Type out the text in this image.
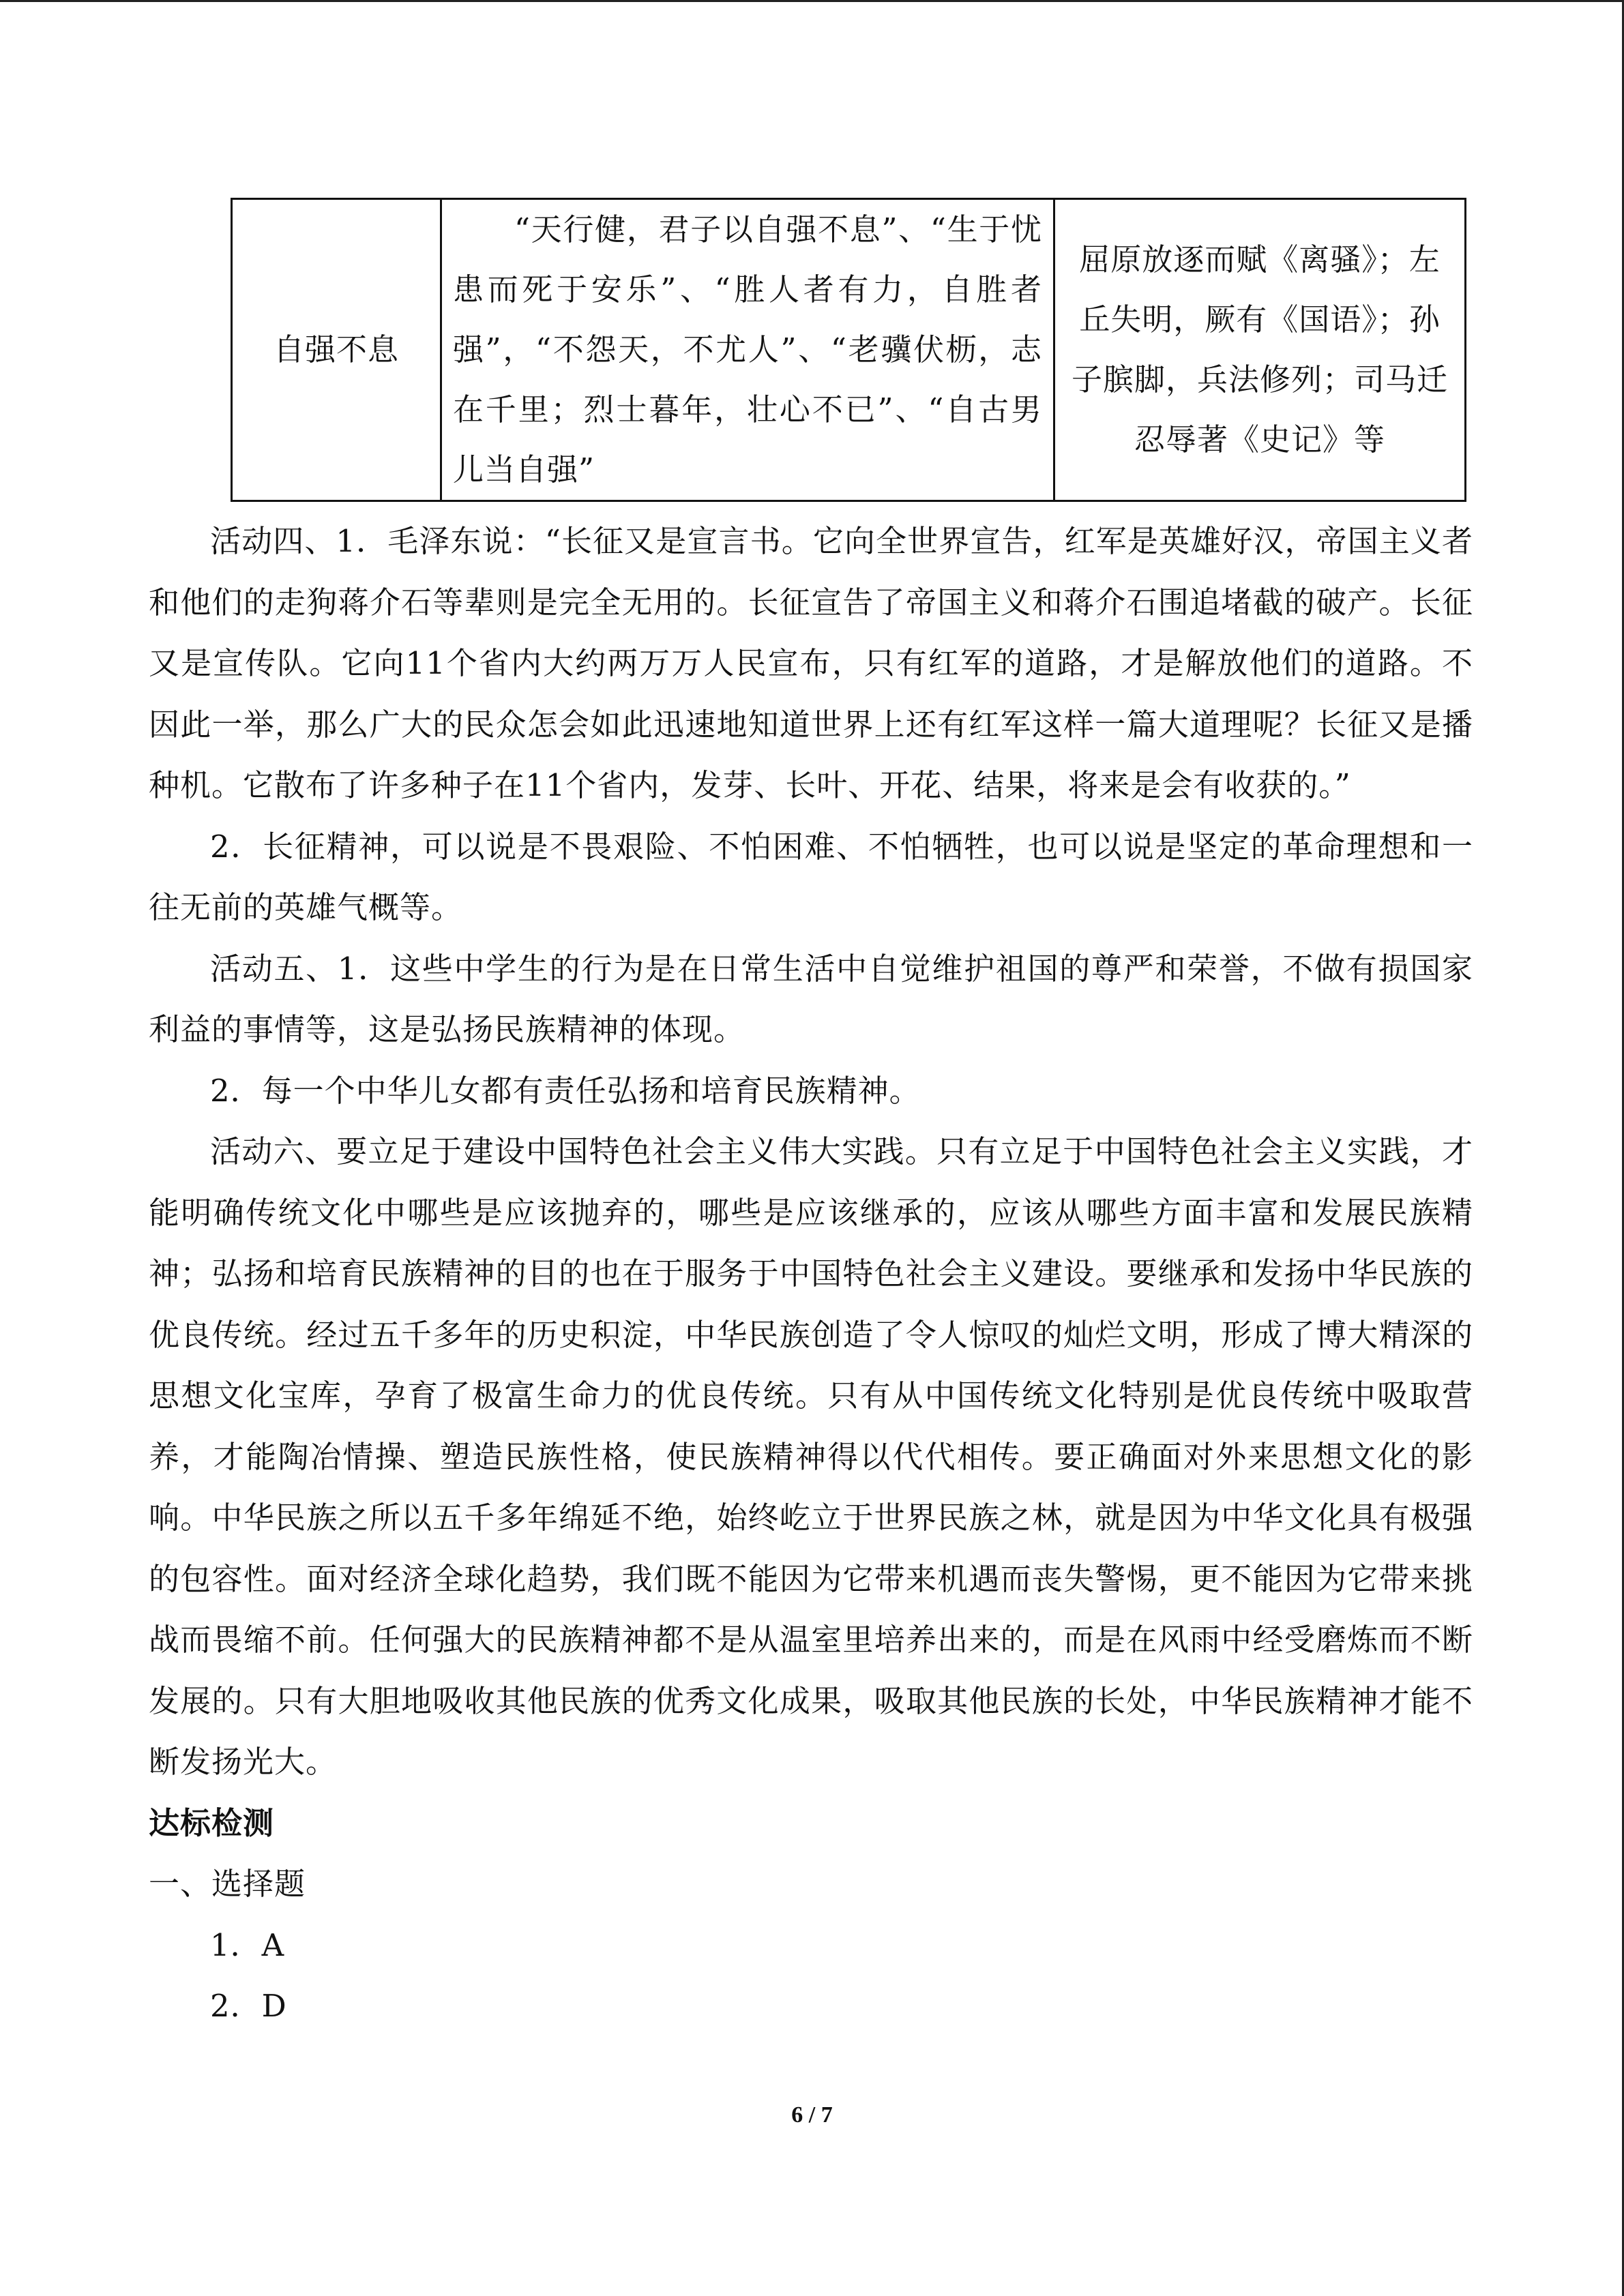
自强不息	“天行健，君子以自强不息”、“生于忧患而死于安乐”、“胜人者有力，自胜者强”，“不怨天，不尤人”、“老骥伏枥，志在千里；烈士暮年，壮心不已”、“自古男儿当自强”	屈原放逐而赋《离骚》；左丘失明，厥有《国语》；孙子膑脚，兵法修列；司马迁忍辱著《史记》等

活动四、1．毛泽东说：“长征又是宣言书。它向全世界宣告，红军是英雄好汉，帝国主义者和他们的走狗蒋介石等辈则是完全无用的。长征宣告了帝国主义和蒋介石围追堵截的破产。长征又是宣传队。它向11个省内大约两万万人民宣布，只有红军的道路，才是解放他们的道路。不因此一举，那么广大的民众怎会如此迅速地知道世界上还有红军这样一篇大道理呢？长征又是播种机。它散布了许多种子在11个省内，发芽、长叶、开花、结果，将来是会有收获的。”

2．长征精神，可以说是不畏艰险、不怕困难、不怕牺牲，也可以说是坚定的革命理想和一往无前的英雄气概等。

活动五、1．这些中学生的行为是在日常生活中自觉维护祖国的尊严和荣誉，不做有损国家利益的事情等，这是弘扬民族精神的体现。

2．每一个中华儿女都有责任弘扬和培育民族精神。

活动六、要立足于建设中国特色社会主义伟大实践。只有立足于中国特色社会主义实践，才能明确传统文化中哪些是应该抛弃的，哪些是应该继承的，应该从哪些方面丰富和发展民族精神；弘扬和培育民族精神的目的也在于服务于中国特色社会主义建设。要继承和发扬中华民族的优良传统。经过五千多年的历史积淀，中华民族创造了令人惊叹的灿烂文明，形成了博大精深的思想文化宝库，孕育了极富生命力的优良传统。只有从中国传统文化特别是优良传统中吸取营养，才能陶冶情操、塑造民族性格，使民族精神得以代代相传。要正确面对外来思想文化的影响。中华民族之所以五千多年绵延不绝，始终屹立于世界民族之林，就是因为中华文化具有极强的包容性。面对经济全球化趋势，我们既不能因为它带来机遇而丧失警惕，更不能因为它带来挑战而畏缩不前。任何强大的民族精神都不是从温室里培养出来的，而是在风雨中经受磨炼而不断发展的。只有大胆地吸收其他民族的优秀文化成果，吸取其他民族的长处，中华民族精神才能不断发扬光大。

达标检测

一、选择题

1．A

2．D

6 / 7
